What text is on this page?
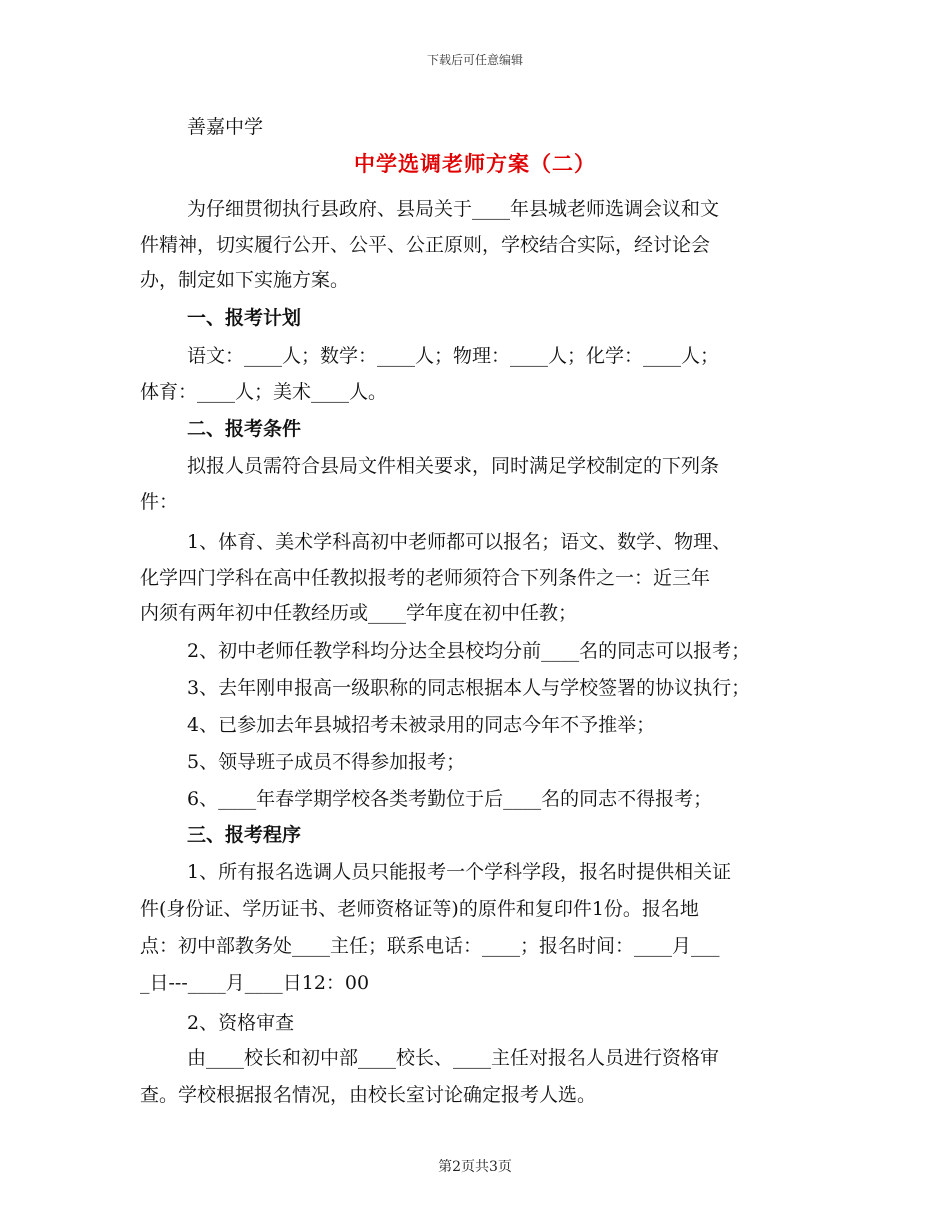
下载后可任意编辑
善嘉中学
中学选调老师方案（二）
为仔细贯彻执行县政府、县局关于____年县城老师选调会议和文
件精神，切实履行公开、公平、公正原则，学校结合实际，经讨论会
办，制定如下实施方案。
一、报考计划
语文：____人；数学：____人；物理：____人；化学：____人；
体育：____人；美术____人。
二、报考条件
拟报人员需符合县局文件相关要求，同时满足学校制定的下列条
件：
1、体育、美术学科高初中老师都可以报名；语文、数学、物理、
化学四门学科在高中任教拟报考的老师须符合下列条件之一：近三年
内须有两年初中任教经历或____学年度在初中任教；
2、初中老师任教学科均分达全县校均分前____名的同志可以报考；
3、去年刚申报高一级职称的同志根据本人与学校签署的协议执行；
4、已参加去年县城招考未被录用的同志今年不予推举；
5、领导班子成员不得参加报考；
6、____年春学期学校各类考勤位于后____名的同志不得报考；
三、报考程序
1、所有报名选调人员只能报考一个学科学段，报名时提供相关证
件(身份证、学历证书、老师资格证等)的原件和复印件1份。报名地
点：初中部教务处____主任；联系电话：____；报名时间：____月___
_日---____月____日12：00
2、资格审查
由____校长和初中部____校长、____主任对报名人员进行资格审
查。学校根据报名情况，由校长室讨论确定报考人选。
第2页共3页
